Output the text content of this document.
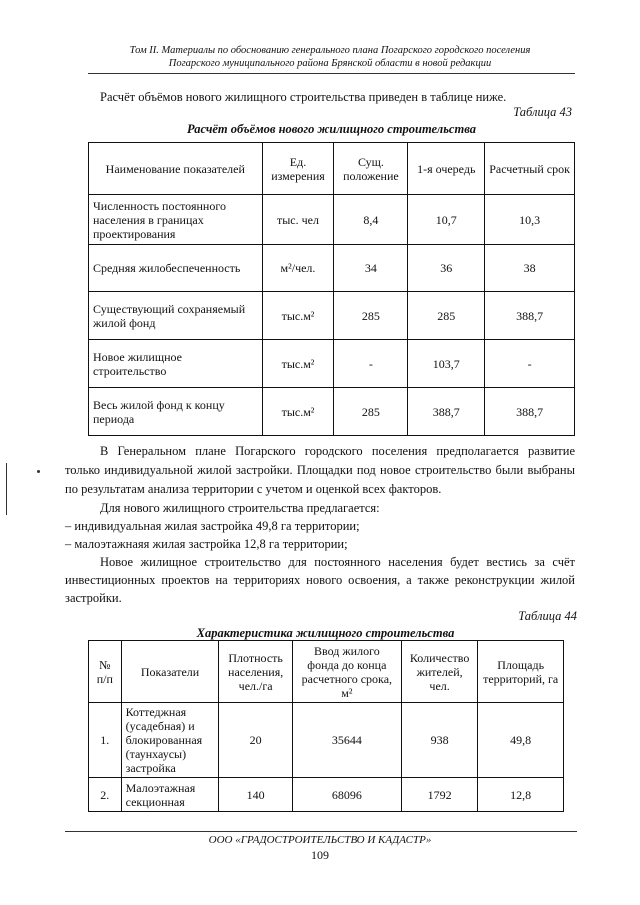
Том II. Материалы по обоснованию генерального плана Погарского городского поселения
Погарского муниципального района Брянской области в новой редакции
Расчёт объёмов нового жилищного строительства приведен в таблице ниже.
Таблица 43
Расчёт объёмов нового жилищного строительства
Наименование показателей	Ед. измерения	Сущ. положение	1-я очередь	Расчетный срок
Численность постоянного населения в границах проектирования	тыс. чел	8,4	10,7	10,3
Средняя жилобеспеченность	м²/чел.	34	36	38
Существующий сохраняемый жилой фонд	тыс.м²	285	285	388,7
Новое жилищное строительство	тыс.м²	-	103,7	-
Весь жилой фонд к концу периода	тыс.м²	285	388,7	388,7
В Генеральном плане Погарского городского поселения предполагается развитие
только индивидуальной жилой застройки. Площадки под новое строительство были выбраны
по результатам анализа территории с учетом и оценкой всех факторов.
Для нового жилищного строительства предлагается:
– индивидуальная жилая застройка 49,8 га территории;
– малоэтажнаяя жилая застройка 12,8 га территории;
Новое жилищное строительство для постоянного населения будет вестись за счёт
инвестиционных проектов на территориях нового освоения, а также реконструкции жилой
застройки.
Таблица 44
Характеристика жилищного строительства
№ п/п	Показатели	Плотность населения, чел./га	Ввод жилого фонда до конца расчетного срока, м²	Количество жителей, чел.	Площадь территорий, га
1.	Коттеджная (усадебная) и блокированная (таунхаусы) застройка	20	35644	938	49,8
2.	Малоэтажная секционная	140	68096	1792	12,8
ООО «ГРАДОСТРОИТЕЛЬСТВО И КАДАСТР»
109
